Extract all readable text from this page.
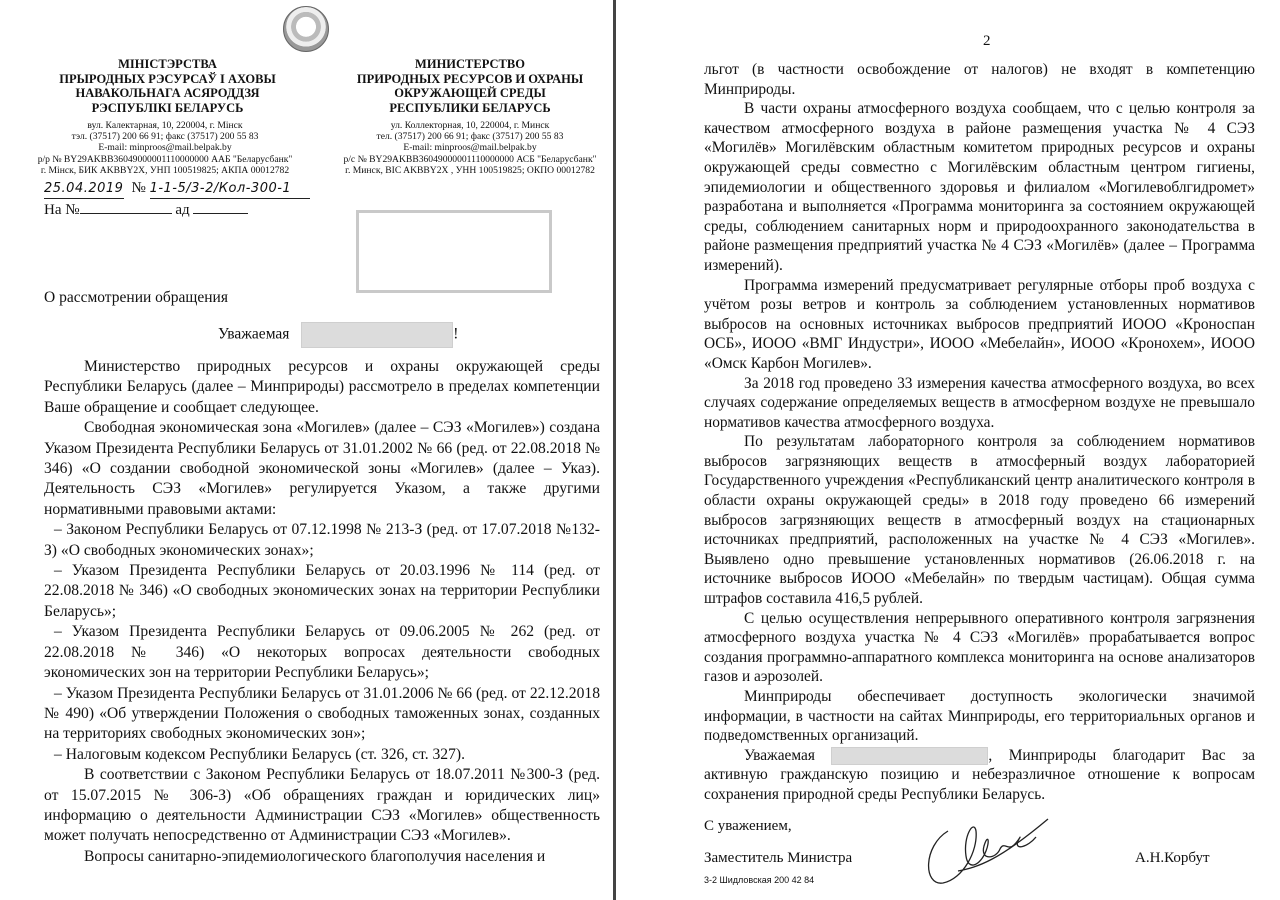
МІНІСТЭРСТВА
ПРЫРОДНЫХ РЭСУРСАЎ І АХОВЫ
НАВАКОЛЬНАГА АСЯРОДДЗЯ
РЭСПУБЛІКІ БЕЛАРУСЬ
вул. Калектарная, 10, 220004, г. Мінск
тэл. (37517) 200 66 91; факс (37517) 200 55 83
E-mail: minproos@mail.belpak.by
р/р № BY29AKBB36049000001110000000 ААБ "Беларусбанк"
г. Мінск, БИК AKBBY2X, УНП 100519825; АКПА 00012782
МИНИСТЕРСТВО
ПРИРОДНЫХ РЕСУРСОВ И ОХРАНЫ
ОКРУЖАЮЩЕЙ СРЕДЫ
РЕСПУБЛИКИ БЕЛАРУСЬ
ул. Коллекторная, 10, 220004, г. Минск
тел. (37517) 200 66 91; факс (37517) 200 55 83
E-mail: minproos@mail.belpak.by
р/с № BY29AKBB36049000001110000000 АСБ "Беларусбанк"
г. Минск, BIC AKBBY2X , УНН 100519825; ОКПО 00012782
25.04.2019 № 1-1-5/3-2/Кол-300-1
На №	ад
О рассмотрении обращения
Уважаемая	!

Министерство природных ресурсов и охраны окружающей среды Республики Беларусь (далее – Минприроды) рассмотрело в пределах компетенции Ваше обращение и сообщает следующее.

Свободная экономическая зона «Могилев» (далее – СЭЗ «Могилев») создана Указом Президента Республики Беларусь от 31.01.2002 № 66 (ред. от 22.08.2018 № 346) «О создании свободной экономической зоны «Могилев» (далее – Указ). Деятельность СЭЗ «Могилев» регулируется Указом, а также другими нормативными правовыми актами:

– Законом Республики Беларусь от 07.12.1998 № 213-З (ред. от 17.07.2018 №132-З) «О свободных экономических зонах»;

– Указом Президента Республики Беларусь от 20.03.1996 № 114 (ред. от 22.08.2018 № 346) «О свободных экономических зонах на территории Республики Беларусь»;

– Указом Президента Республики Беларусь от 09.06.2005 № 262 (ред. от 22.08.2018 № 346) «О некоторых вопросах деятельности свободных экономических зон на территории Республики Беларусь»;

– Указом Президента Республики Беларусь от 31.01.2006 № 66 (ред. от 22.12.2018 № 490) «Об утверждении Положения о свободных таможенных зонах, созданных на территориях свободных экономических зон»;

– Налоговым кодексом Республики Беларусь (ст. 326, ст. 327).

В соответствии с Законом Республики Беларусь от 18.07.2011 №300-З (ред. от 15.07.2015 № 306-З) «Об обращениях граждан и юридических лиц» информацию о деятельности Администрации СЭЗ «Могилев» общественность может получать непосредственно от Администрации СЭЗ «Могилев».

Вопросы санитарно-эпидемиологического благополучия населения и

2

льгот (в частности освобождение от налогов) не входят в компетенцию Минприроды.

В части охраны атмосферного воздуха сообщаем, что с целью контроля за качеством атмосферного воздуха в районе размещения участка № 4 СЭЗ «Могилёв» Могилёвским областным комитетом природных ресурсов и охраны окружающей среды совместно с Могилёвским областным центром гигиены, эпидемиологии и общественного здоровья и филиалом «Могилевоблгидромет» разработана и выполняется «Программа мониторинга за состоянием окружающей среды, соблюдением санитарных норм и природоохранного законодательства в районе размещения предприятий участка № 4 СЭЗ «Могилёв» (далее – Программа измерений).

Программа измерений предусматривает регулярные отборы проб воздуха с учётом розы ветров и контроль за соблюдением установленных нормативов выбросов на основных источниках выбросов предприятий ИООО «Кроноспан ОСБ», ИООО «ВМГ Индустри», ИООО «Мебелайн», ИООО «Кронохем», ИООО «Омск Карбон Могилев».

За 2018 год проведено 33 измерения качества атмосферного воздуха, во всех случаях содержание определяемых веществ в атмосферном воздухе не превышало нормативов качества атмосферного воздуха.

По результатам лабораторного контроля за соблюдением нормативов выбросов загрязняющих веществ в атмосферный воздух лабораторией Государственного учреждения «Республиканский центр аналитического контроля в области охраны окружающей среды» в 2018 году проведено 66 измерений выбросов загрязняющих веществ в атмосферный воздух на стационарных источниках предприятий, расположенных на участке № 4 СЭЗ «Могилев». Выявлено одно превышение установленных нормативов (26.06.2018 г. на источнике выбросов ИООО «Мебелайн» по твердым частицам). Общая сумма штрафов составила 416,5 рублей.

С целью осуществления непрерывного оперативного контроля загрязнения атмосферного воздуха участка № 4 СЭЗ «Могилёв» прорабатывается вопрос создания программно-аппаратного комплекса мониторинга на основе анализаторов газов и аэрозолей.

Минприроды обеспечивает доступность экологически значимой информации, в частности на сайтах Минприроды, его территориальных органов и подведомственных организаций.

Уважаемая	, Минприроды благодарит Вас за активную гражданскую позицию и небезразличное отношение к вопросам сохранения природной среды Республики Беларусь.

С уважением,
Заместитель Министра	А.Н.Корбут
3-2 Шидловская 200 42 84
